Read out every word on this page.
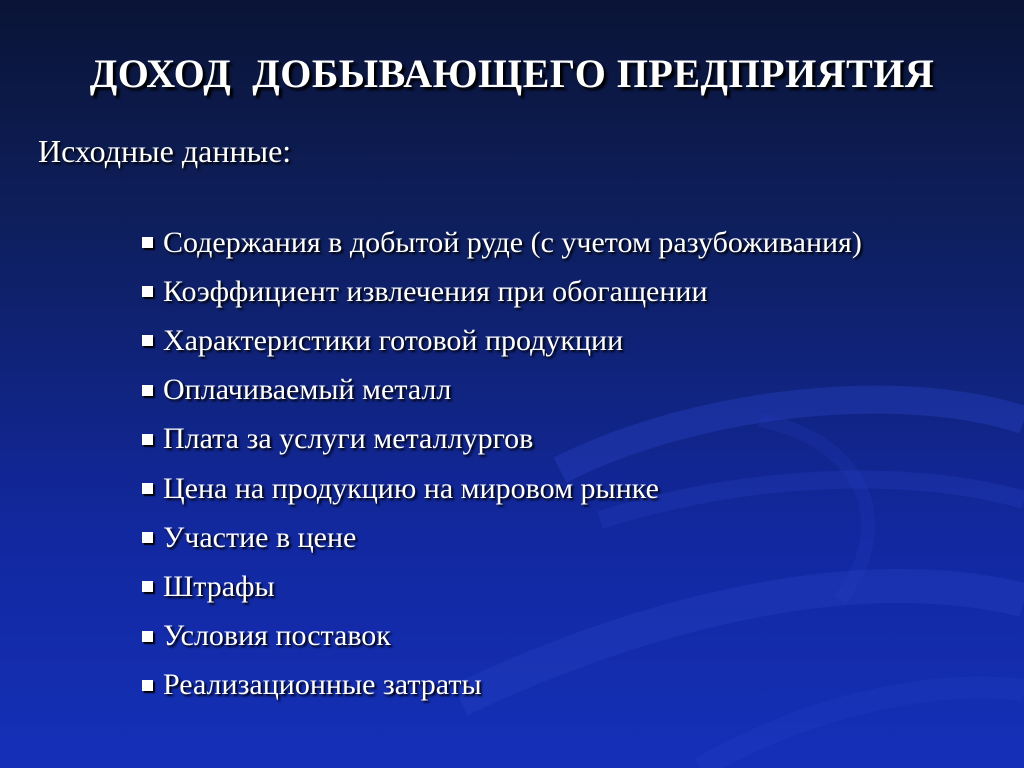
ДОХОД  ДОБЫВАЮЩЕГО ПРЕДПРИЯТИЯ

Исходные данные:

Содержания в добытой руде (с учетом разубоживания)
Коэффициент извлечения при обогащении
Характеристики готовой продукции
Оплачиваемый металл
Плата за услуги металлургов
Цена на продукцию на мировом рынке
Участие в цене
Штрафы
Условия поставок
Реализационные затраты
